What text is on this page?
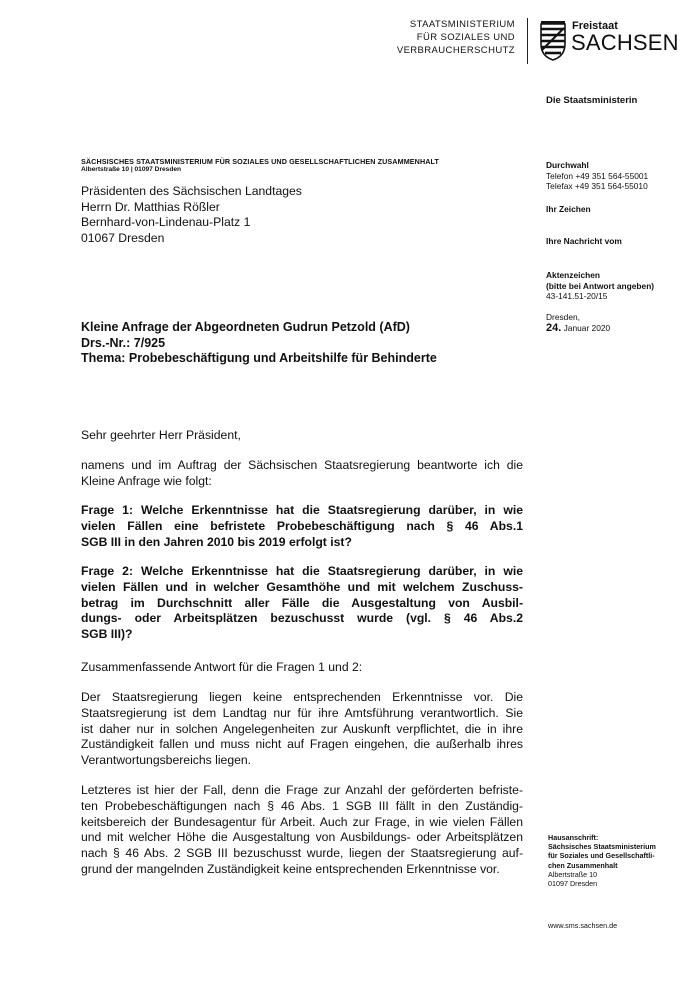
STAATSMINISTERIUM
FÜR SOZIALES UND
VERBRAUCHERSCHUTZ
Freistaat
SACHSEN
Die Staatsministerin
SÄCHSISCHES STAATSMINISTERIUM FÜR SOZIALES UND GESELLSCHAFTLICHEN ZUSAMMENHALT
Albertstraße 10 | 01097 Dresden
Präsidenten des Sächsischen Landtages
Herrn Dr. Matthias Rößler
Bernhard-von-Lindenau-Platz 1
01067 Dresden
Durchwahl
Telefon +49 351 564-55001
Telefax +49 351 564-55010
Ihr Zeichen
Ihre Nachricht vom
Aktenzeichen
(bitte bei Antwort angeben)
43-141.51-20/15
Dresden,
24. Januar 2020
Kleine Anfrage der Abgeordneten Gudrun Petzold (AfD)
Drs.-Nr.: 7/925
Thema: Probebeschäftigung und Arbeitshilfe für Behinderte
Sehr geehrter Herr Präsident,
namens und im Auftrag der Sächsischen Staatsregierung beantworte ich die
Kleine Anfrage wie folgt:
Frage 1: Welche Erkenntnisse hat die Staatsregierung darüber, in wie
vielen Fällen eine befristete Probebeschäftigung nach § 46 Abs.1
SGB III in den Jahren 2010 bis 2019 erfolgt ist?
Frage 2: Welche Erkenntnisse hat die Staatsregierung darüber, in wie
vielen Fällen und in welcher Gesamthöhe und mit welchem Zuschuss-
betrag im Durchschnitt aller Fälle die Ausgestaltung von Ausbil-
dungs- oder Arbeitsplätzen bezuschusst wurde (vgl. § 46 Abs.2
SGB III)?
Zusammenfassende Antwort für die Fragen 1 und 2:
Der Staatsregierung liegen keine entsprechenden Erkenntnisse vor. Die
Staatsregierung ist dem Landtag nur für ihre Amtsführung verantwortlich. Sie
ist daher nur in solchen Angelegenheiten zur Auskunft verpflichtet, die in ihre
Zuständigkeit fallen und muss nicht auf Fragen eingehen, die außerhalb ihres
Verantwortungsbereichs liegen.
Letzteres ist hier der Fall, denn die Frage zur Anzahl der geförderten befriste-
ten Probebeschäftigungen nach § 46 Abs. 1 SGB III fällt in den Zuständig-
keitsbereich der Bundesagentur für Arbeit. Auch zur Frage, in wie vielen Fällen
und mit welcher Höhe die Ausgestaltung von Ausbildungs- oder Arbeitsplätzen
nach § 46 Abs. 2 SGB III bezuschusst wurde, liegen der Staatsregierung auf-
grund der mangelnden Zuständigkeit keine entsprechenden Erkenntnisse vor.
Hausanschrift:
Sächsisches Staatsministerium
für Soziales und Gesellschaftli-
chen Zusammenhalt
Albertstraße 10
01097 Dresden
www.sms.sachsen.de
